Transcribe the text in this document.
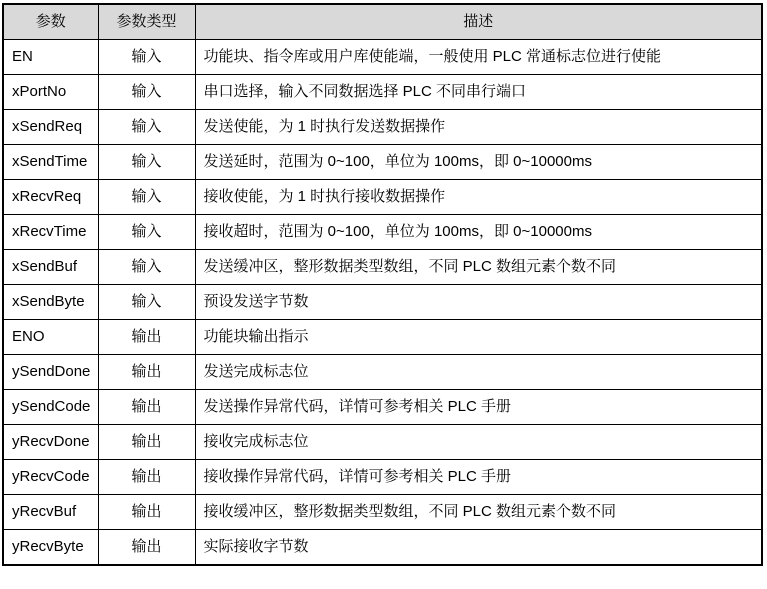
参数	参数类型	描述
EN	输入	功能块、指令库或用户库使能端，一般使用 PLC 常通标志位进行使能
xPortNo	输入	串口选择，输入不同数据选择 PLC 不同串行端口
xSendReq	输入	发送使能，为 1 时执行发送数据操作
xSendTime	输入	发送延时，范围为 0~100，单位为 100ms，即 0~10000ms
xRecvReq	输入	接收使能，为 1 时执行接收数据操作
xRecvTime	输入	接收超时，范围为 0~100，单位为 100ms，即 0~10000ms
xSendBuf	输入	发送缓冲区，整形数据类型数组，不同 PLC 数组元素个数不同
xSendByte	输入	预设发送字节数
ENO	输出	功能块输出指示
ySendDone	输出	发送完成标志位
ySendCode	输出	发送操作异常代码，详情可参考相关 PLC 手册
yRecvDone	输出	接收完成标志位
yRecvCode	输出	接收操作异常代码，详情可参考相关 PLC 手册
yRecvBuf	输出	接收缓冲区，整形数据类型数组，不同 PLC 数组元素个数不同
yRecvByte	输出	实际接收字节数
